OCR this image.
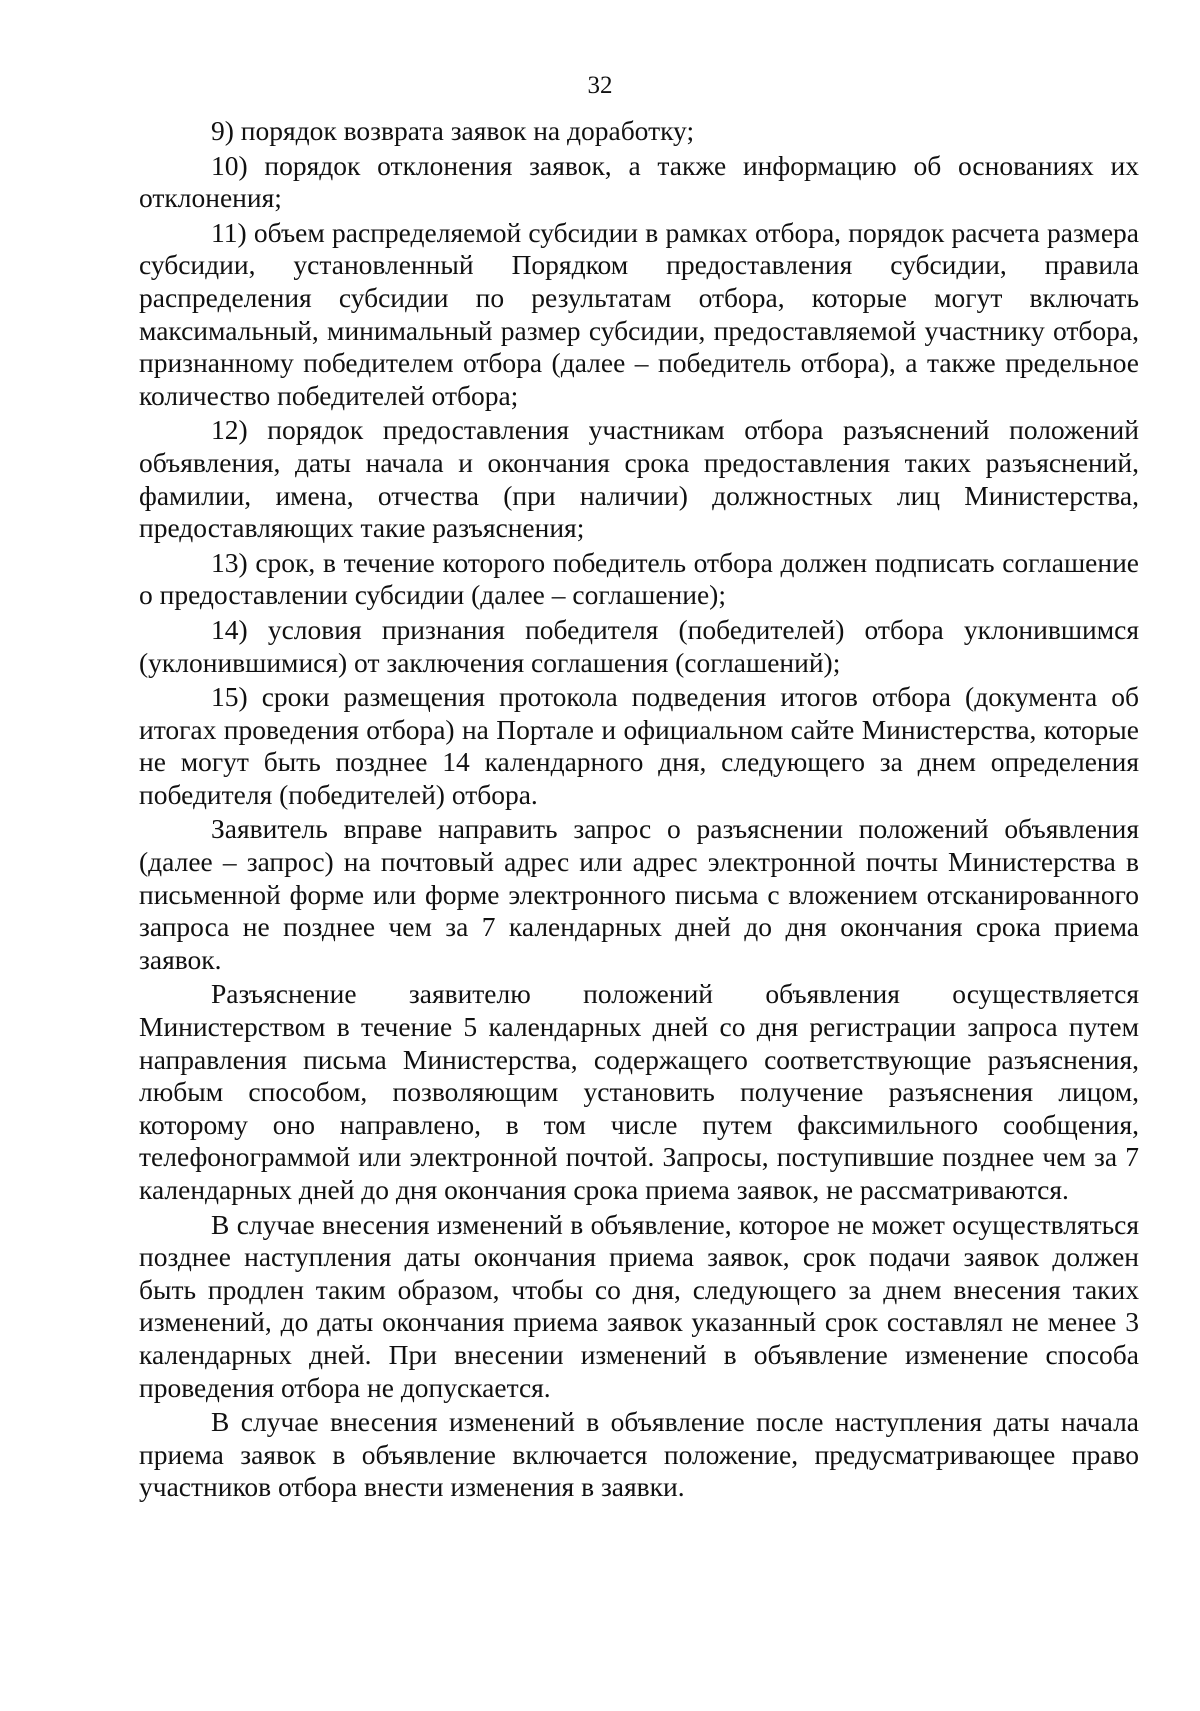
32

9) порядок возврата заявок на доработку;

10) порядок отклонения заявок, а также информацию об основаниях их отклонения;

11) объем распределяемой субсидии в рамках отбора, порядок расчета размера субсидии, установленный Порядком предоставления субсидии, правила распределения субсидии по результатам отбора, которые могут включать максимальный, минимальный размер субсидии, предоставляемой участнику отбора, признанному победителем отбора (далее – победитель отбора), а также предельное количество победителей отбора;

12) порядок предоставления участникам отбора разъяснений положений объявления, даты начала и окончания срока предоставления таких разъяснений, фамилии, имена, отчества (при наличии) должностных лиц Министерства, предоставляющих такие разъяснения;

13) срок, в течение которого победитель отбора должен подписать соглашение о предоставлении субсидии (далее – соглашение);

14) условия признания победителя (победителей) отбора уклонившимся (уклонившимися) от заключения соглашения (соглашений);

15) сроки размещения протокола подведения итогов отбора (документа об итогах проведения отбора) на Портале и официальном сайте Министерства, которые не могут быть позднее 14 календарного дня, следующего за днем определения победителя (победителей) отбора.

Заявитель вправе направить запрос о разъяснении положений объявления (далее – запрос) на почтовый адрес или адрес электронной почты Министерства в письменной форме или форме электронного письма с вложением отсканированного запроса не позднее чем за 7 календарных дней до дня окончания срока приема заявок.

Разъяснение заявителю положений объявления осуществляется Министерством в течение 5 календарных дней со дня регистрации запроса путем направления письма Министерства, содержащего соответствующие разъяснения, любым способом, позволяющим установить получение разъяснения лицом, которому оно направлено, в том числе путем факсимильного сообщения, телефонограммой или электронной почтой. Запросы, поступившие позднее чем за 7 календарных дней до дня окончания срока приема заявок, не рассматриваются.

В случае внесения изменений в объявление, которое не может осуществляться позднее наступления даты окончания приема заявок, срок подачи заявок должен быть продлен таким образом, чтобы со дня, следующего за днем внесения таких изменений, до даты окончания приема заявок указанный срок составлял не менее 3 календарных дней. При внесении изменений в объявление изменение способа проведения отбора не допускается.

В случае внесения изменений в объявление после наступления даты начала приема заявок в объявление включается положение, предусматривающее право участников отбора внести изменения в заявки.
